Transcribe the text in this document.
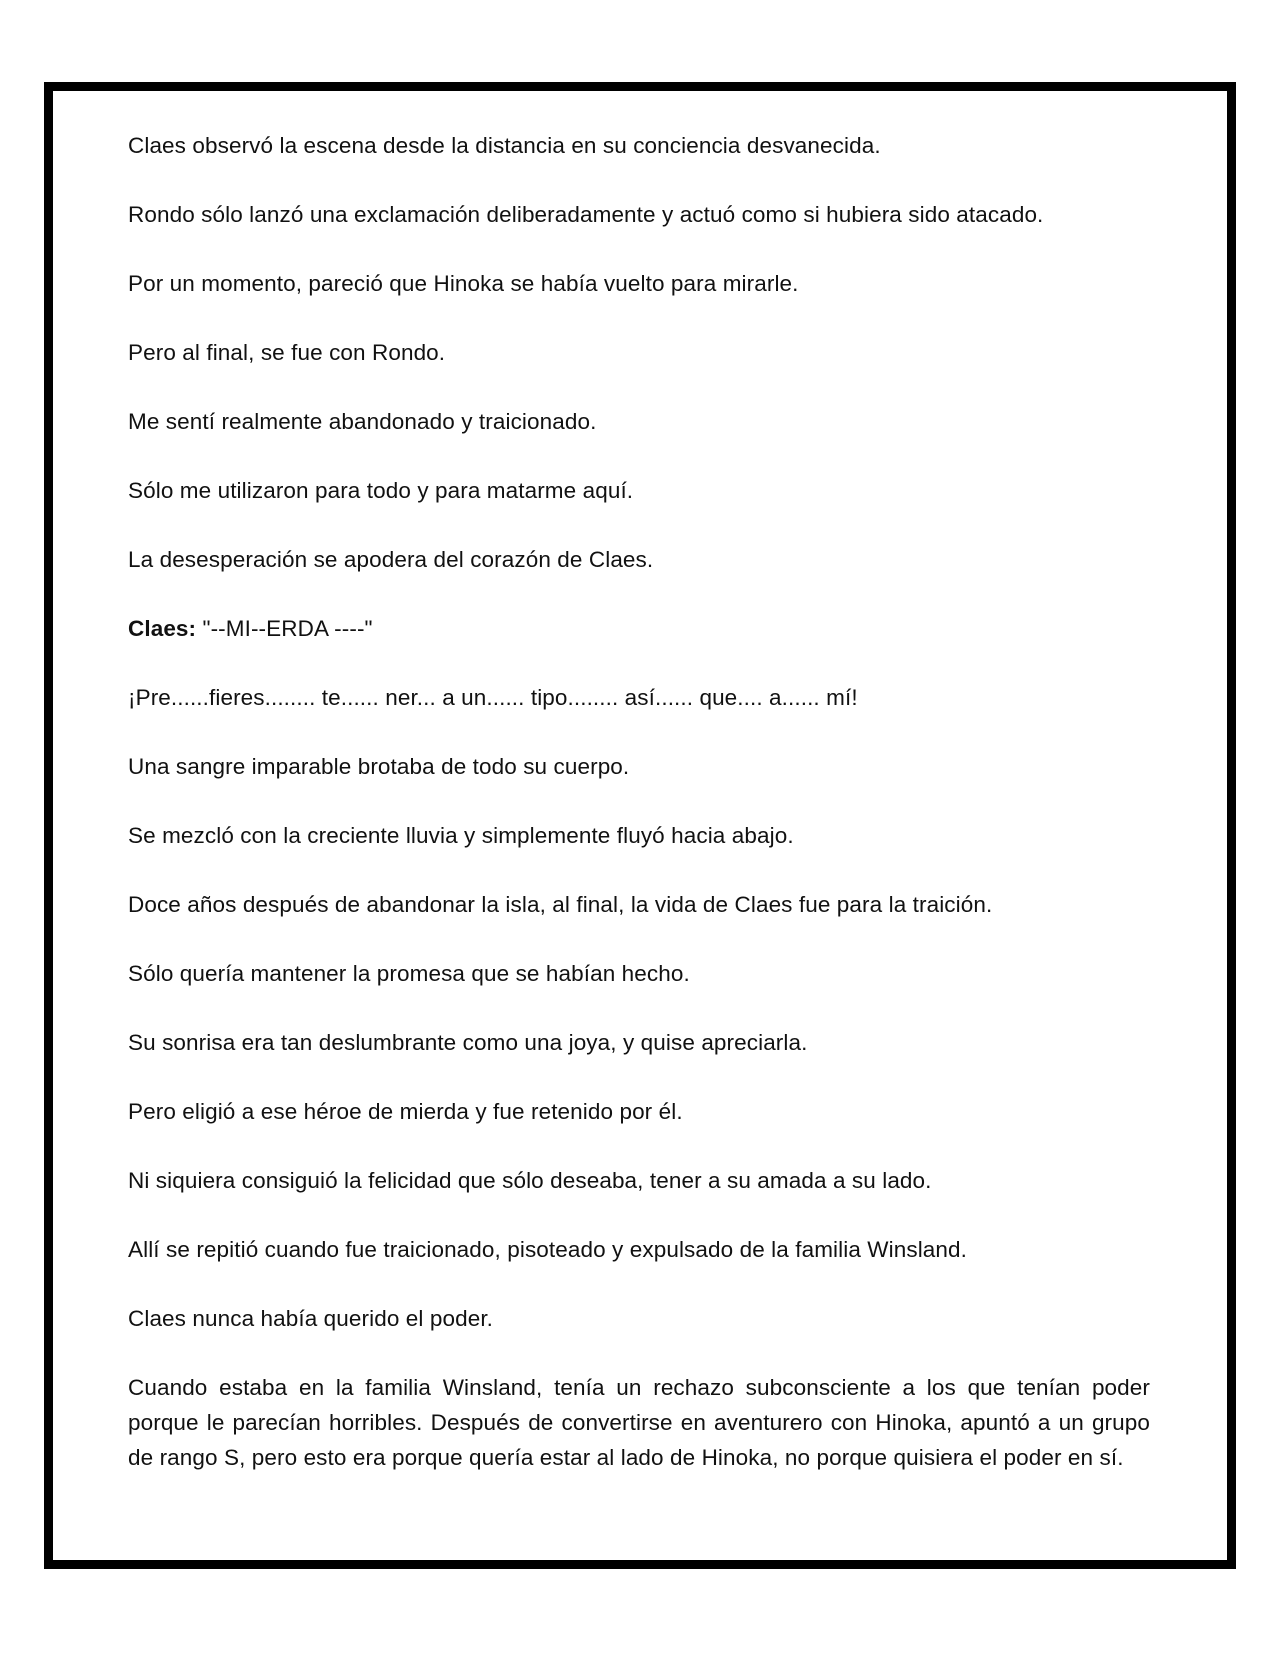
Claes observó la escena desde la distancia en su conciencia desvanecida.

Rondo sólo lanzó una exclamación deliberadamente y actuó como si hubiera sido atacado.

Por un momento, pareció que Hinoka se había vuelto para mirarle.

Pero al final, se fue con Rondo.

Me sentí realmente abandonado y traicionado.

Sólo me utilizaron para todo y para matarme aquí.

La desesperación se apodera del corazón de Claes.

Claes: "--MI--ERDA ----"

¡Pre......fieres........ te...... ner... a un...... tipo........ así...... que.... a...... mí!

Una sangre imparable brotaba de todo su cuerpo.

Se mezcló con la creciente lluvia y simplemente fluyó hacia abajo.

Doce años después de abandonar la isla, al final, la vida de Claes fue para la traición.

Sólo quería mantener la promesa que se habían hecho.

Su sonrisa era tan deslumbrante como una joya, y quise apreciarla.

Pero eligió a ese héroe de mierda y fue retenido por él.

Ni siquiera consiguió la felicidad que sólo deseaba, tener a su amada a su lado.

Allí se repitió cuando fue traicionado, pisoteado y expulsado de la familia Winsland.

Claes nunca había querido el poder.

Cuando estaba en la familia Winsland, tenía un rechazo subconsciente a los que tenían poder porque le parecían horribles. Después de convertirse en aventurero con Hinoka, apuntó a un grupo de rango S, pero esto era porque quería estar al lado de Hinoka, no porque quisiera el poder en sí.
